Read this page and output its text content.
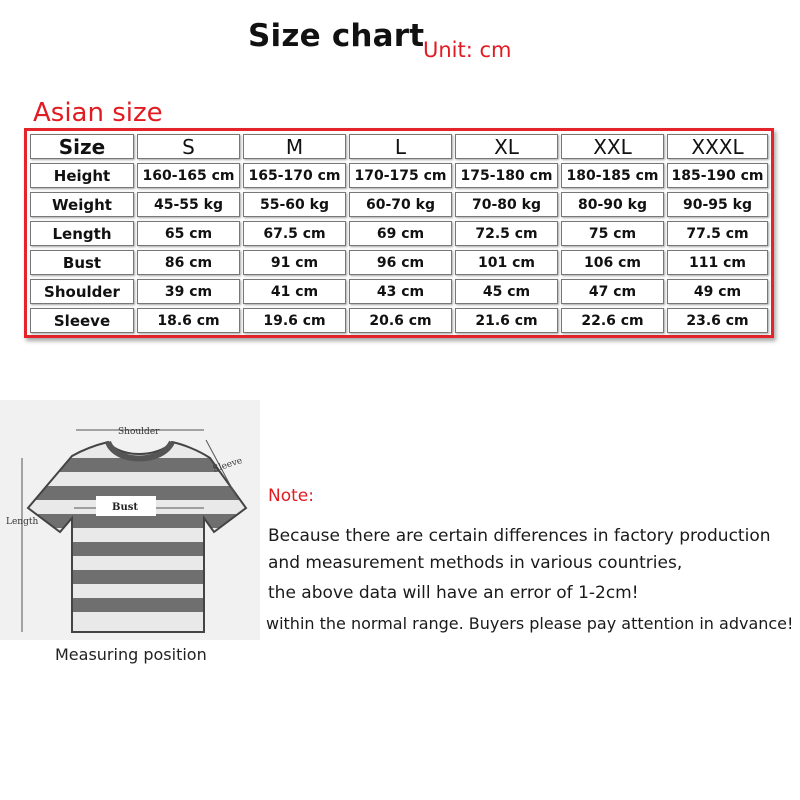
Size chart
Unit: cm
Asian size
Size	S	M	L	XL	XXL	XXXL
Height	160-165 cm 165-170 cm 170-175 cm 175-180 cm 180-185 cm 185-190 cm
Weight	45-55 kg	55-60 kg	60-70 kg	70-80 kg	80-90 kg	90-95 kg
Length	65 cm	67.5 cm	69 cm	72.5 cm	75 cm	77.5 cm
Bust	86 cm	91 cm	96 cm	101 cm	106 cm	111 cm
Shoulder	39 cm	41 cm	43 cm	45 cm	47 cm	49 cm
Sleeve	18.6 cm	19.6 cm	20.6 cm	21.6 cm	22.6 cm	23.6 cm
Shoulder
Sleeve
Length
Bust
Measuring position
Note:
Because there are certain differences in factory production
and measurement methods in various countries,
the above data will have an error of 1-2cm!
within the normal range. Buyers please pay attention in advance!
